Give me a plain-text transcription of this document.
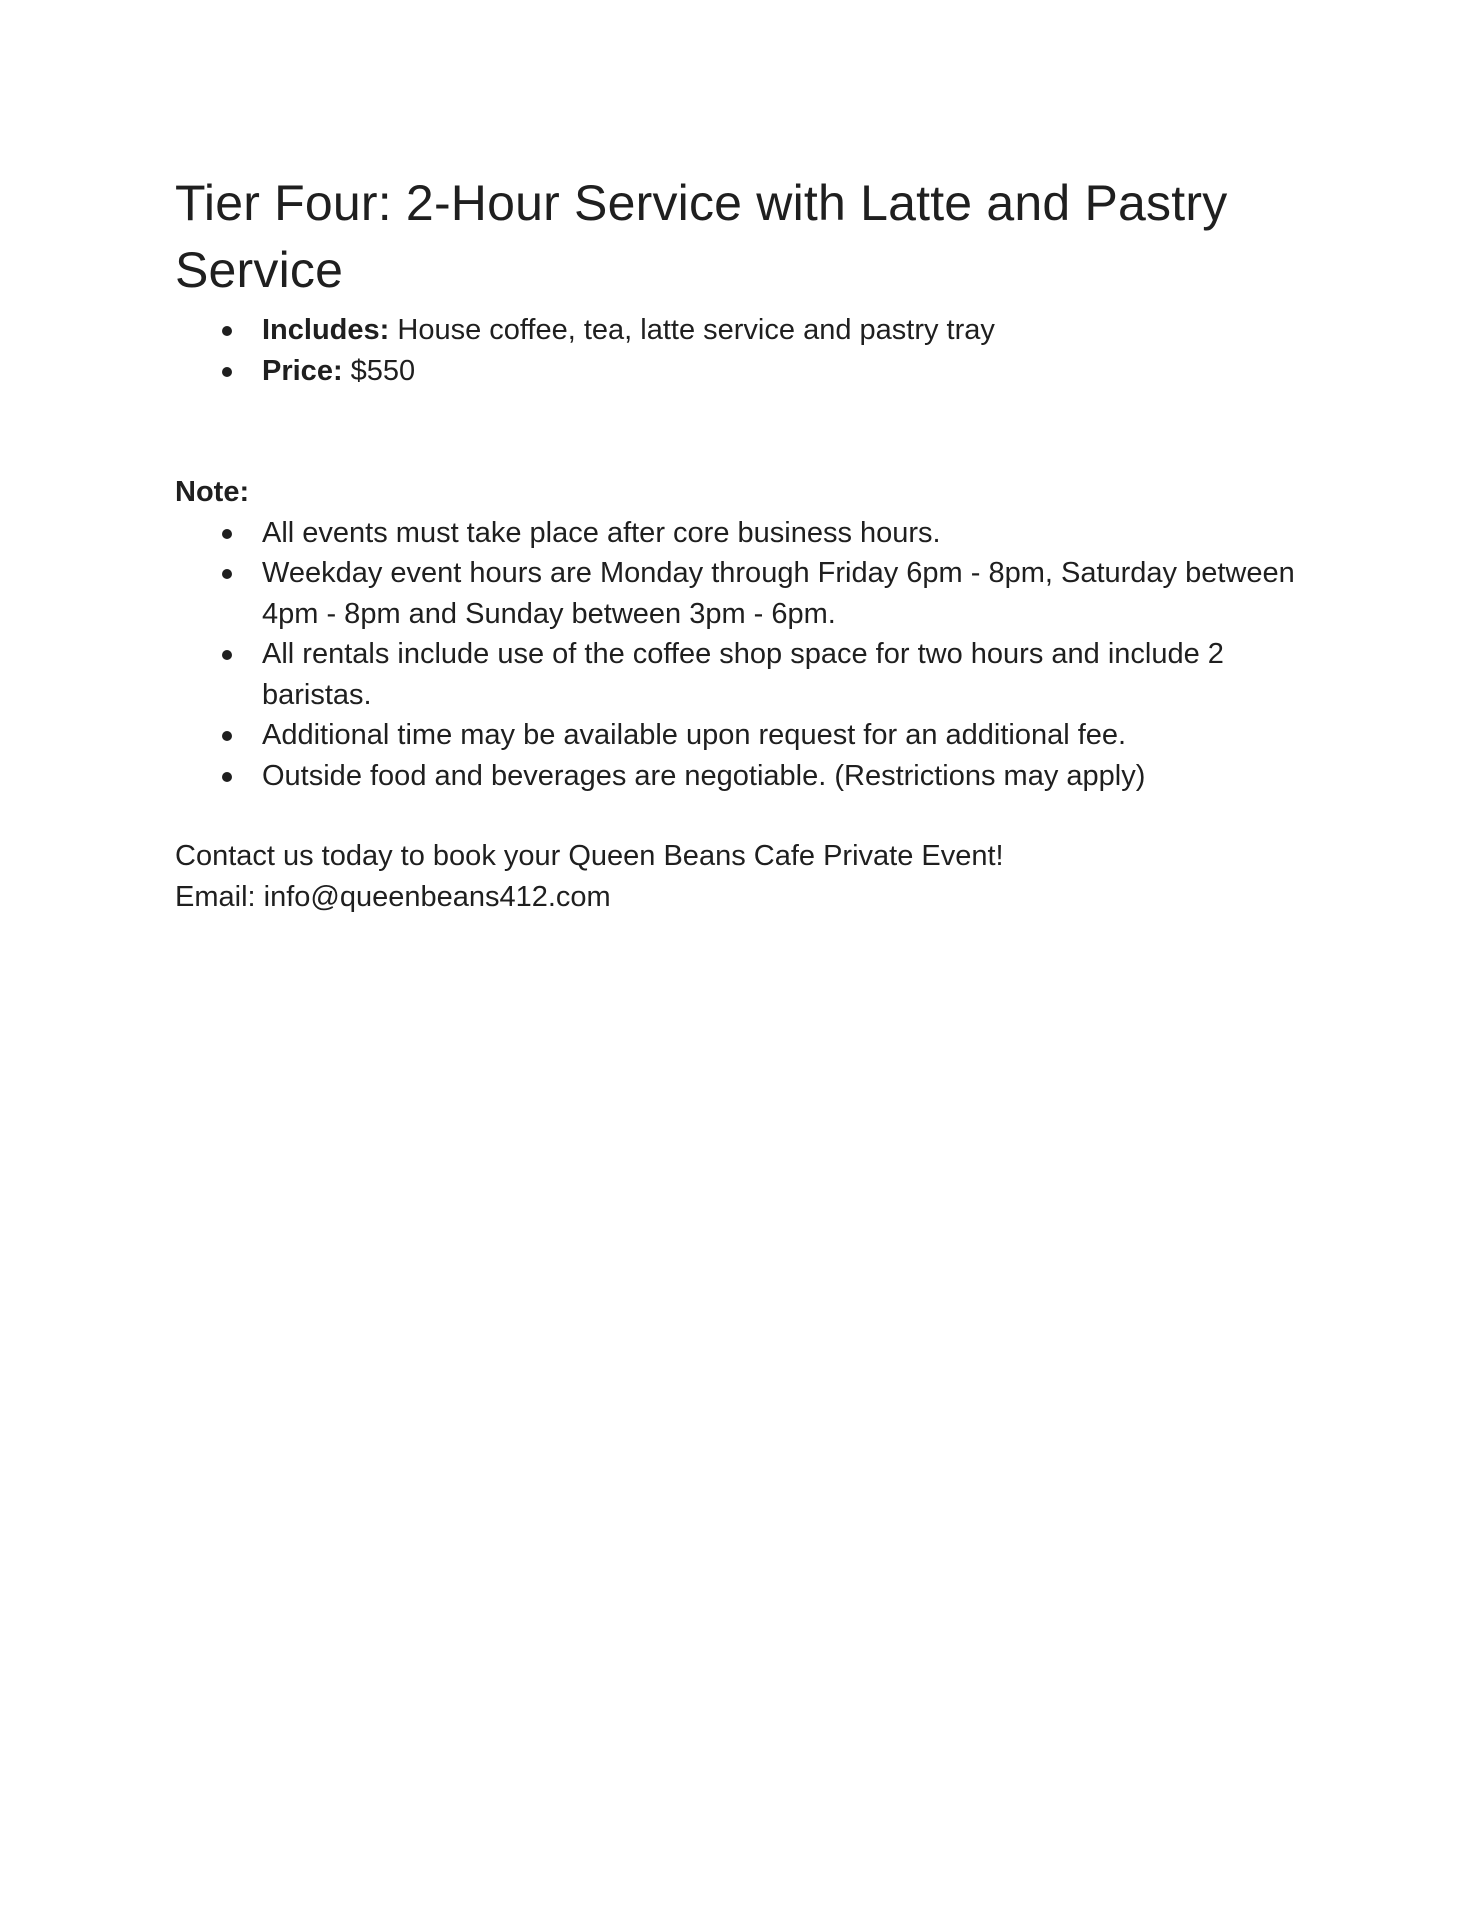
Tier Four: 2-Hour Service with Latte and Pastry Service
Includes: House coffee, tea, latte service and pastry tray
Price: $550
Note:
All events must take place after core business hours.
Weekday event hours are Monday through Friday 6pm - 8pm, Saturday between 4pm - 8pm and Sunday between 3pm - 6pm.
All rentals include use of the coffee shop space for two hours and include 2 baristas.
Additional time may be available upon request for an additional fee.
Outside food and beverages are negotiable. (Restrictions may apply)
Contact us today to book your Queen Beans Cafe Private Event!
Email: info@queenbeans412.com
